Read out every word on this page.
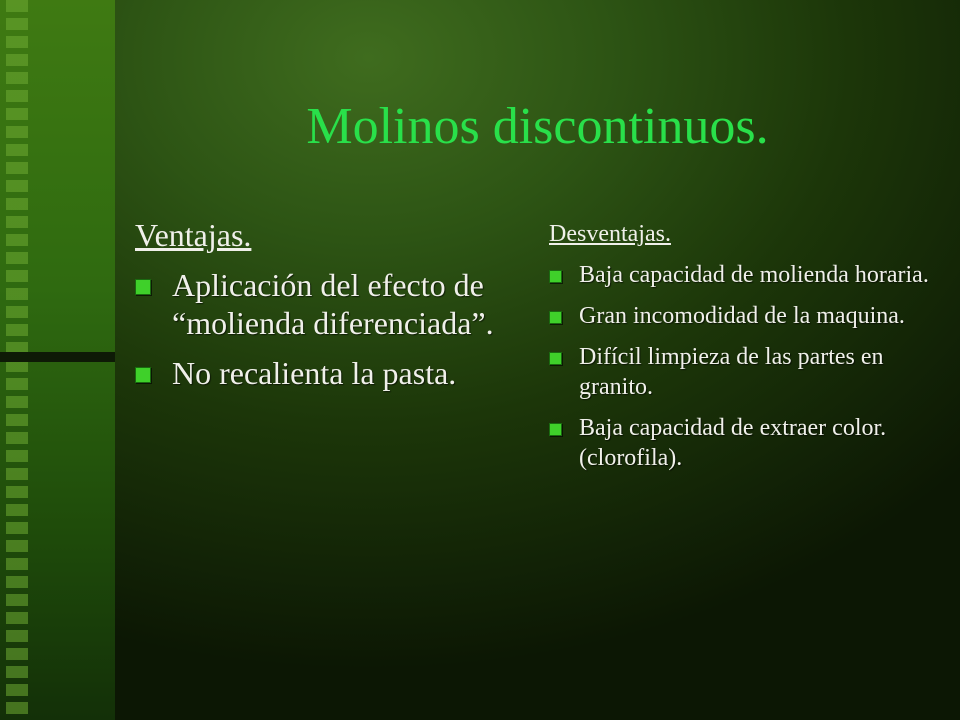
Molinos discontinuos.

Ventajas.

Aplicación del efecto de “molienda diferenciada”.
No recalienta la pasta.

Desventajas.

Baja capacidad de molienda horaria.
Gran incomodidad de la maquina.
Difícil limpieza de las partes en granito.
Baja capacidad de extraer color. (clorofila).
